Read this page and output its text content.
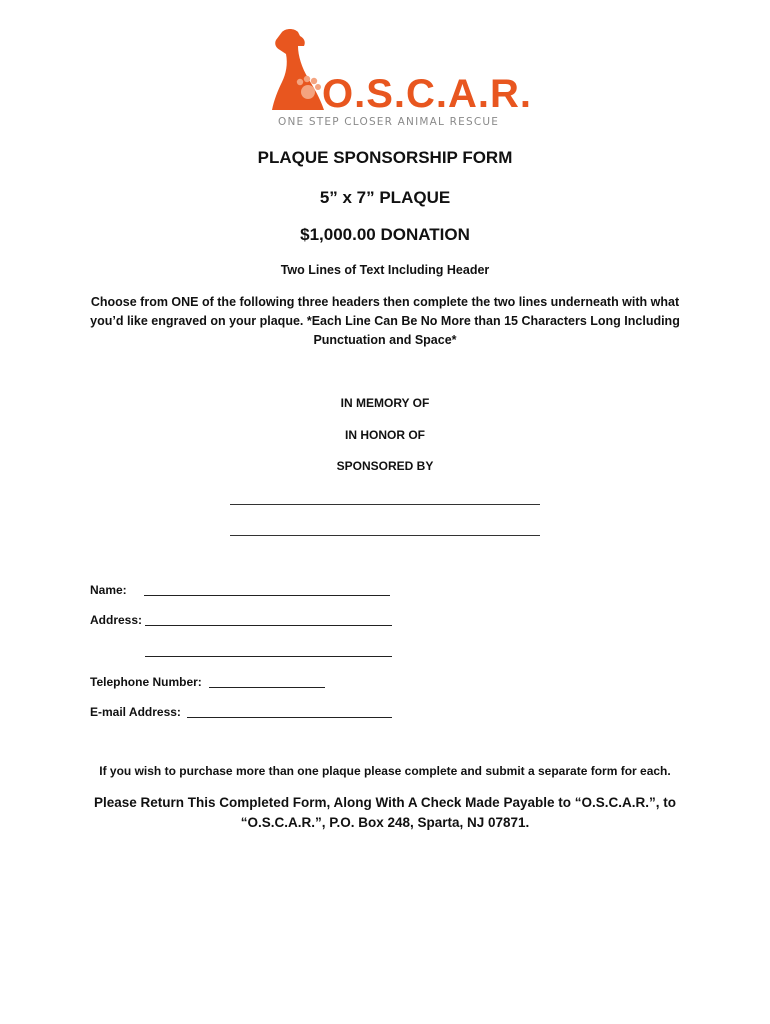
O.S.C.A.R.
ONE STEP CLOSER ANIMAL RESCUE
PLAQUE SPONSORSHIP FORM
5” x 7” PLAQUE
$1,000.00 DONATION
Two Lines of Text Including Header
Choose from ONE of the following three headers then complete the two lines underneath with what you’d like engraved on your plaque. *Each Line Can Be No More than 15 Characters Long Including Punctuation and Space*
IN MEMORY OF
IN HONOR OF
SPONSORED BY
Name:
Address:
Telephone Number:
E-mail Address:
If you wish to purchase more than one plaque please complete and submit a separate form for each.
Please Return This Completed Form, Along With A Check Made Payable to “O.S.C.A.R.”, to “O.S.C.A.R.”, P.O. Box 248, Sparta, NJ 07871.
